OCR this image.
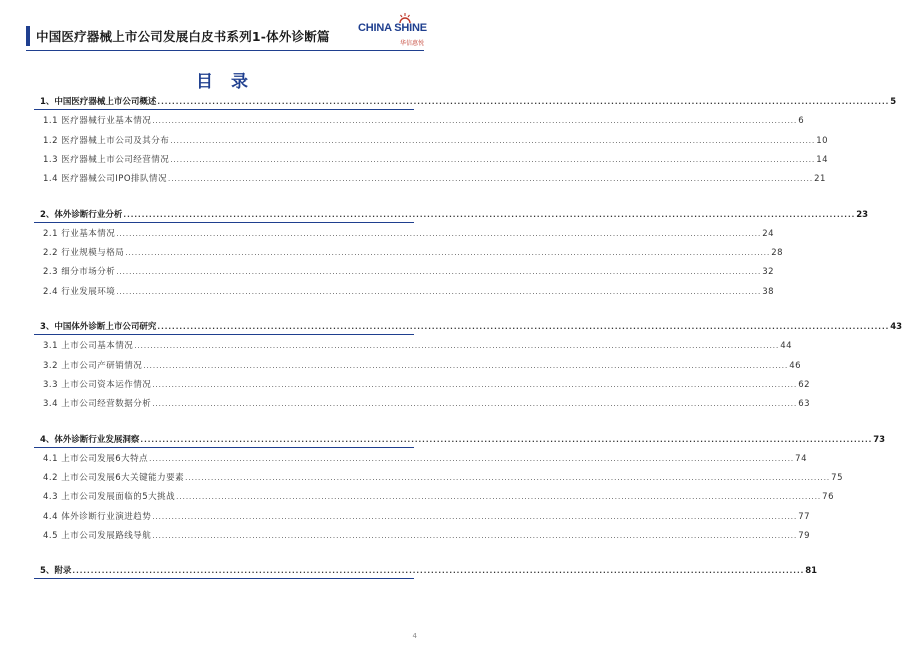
中国医疗器械上市公司发展白皮书系列1-体外诊断篇
CHINA SHINE
华信惠悦
目 录
1、中国医疗器械上市公司概述 ........................................................................................................................................................................................................ 5
1.1 医疗器械行业基本情况 ........................................................................................................................................................................................................ 6
1.2 医疗器械上市公司及其分布 ........................................................................................................................................................................................................ 10
1.3 医疗器械上市公司经营情况 ........................................................................................................................................................................................................ 14
1.4 医疗器械公司IPO排队情况 ........................................................................................................................................................................................................ 21
2、体外诊断行业分析 ........................................................................................................................................................................................................ 23
2.1 行业基本情况 ........................................................................................................................................................................................................ 24
2.2 行业规模与格局 ........................................................................................................................................................................................................ 28
2.3 细分市场分析 ........................................................................................................................................................................................................ 32
2.4 行业发展环境 ........................................................................................................................................................................................................ 38
3、中国体外诊断上市公司研究 ........................................................................................................................................................................................................ 43
3.1 上市公司基本情况 ........................................................................................................................................................................................................ 44
3.2 上市公司产研销情况 ........................................................................................................................................................................................................ 46
3.3 上市公司资本运作情况 ........................................................................................................................................................................................................ 62
3.4 上市公司经营数据分析 ........................................................................................................................................................................................................ 63
4、体外诊断行业发展洞察 ........................................................................................................................................................................................................ 73
4.1 上市公司发展6大特点 ........................................................................................................................................................................................................ 74
4.2 上市公司发展6大关键能力要素 ........................................................................................................................................................................................................ 75
4.3 上市公司发展面临的5大挑战 ........................................................................................................................................................................................................ 76
4.4 体外诊断行业演进趋势 ........................................................................................................................................................................................................ 77
4.5 上市公司发展路线导航 ........................................................................................................................................................................................................ 79
5、附录 ........................................................................................................................................................................................................ 81
4
